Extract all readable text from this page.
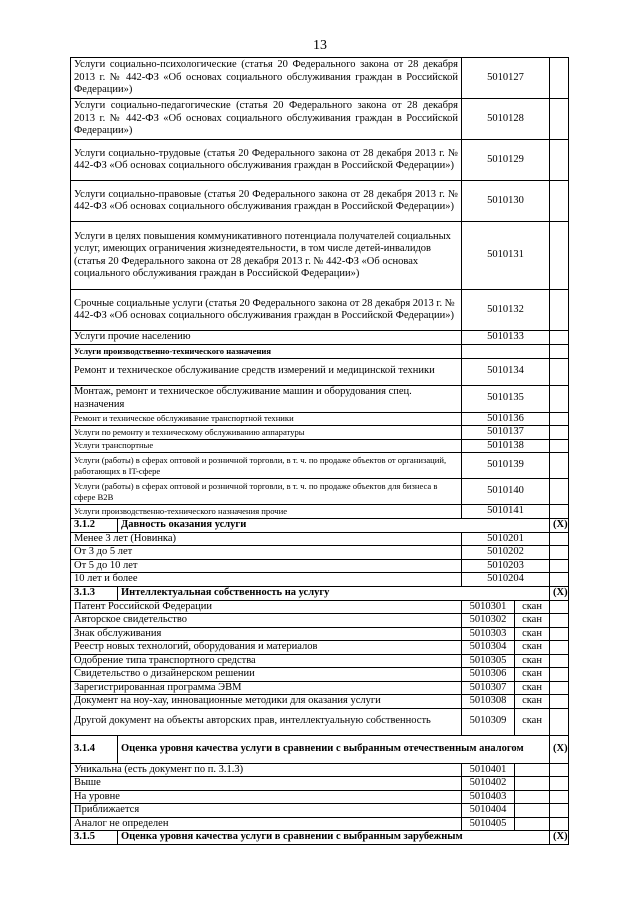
13
Услуги социально-психологические (статья 20 Федерального закона от 28 декабря 2013 г. № 442-ФЗ «Об основах социального обслуживания граждан в Российской Федерации»)		5010127		
Услуги социально-педагогические (статья 20 Федерального закона от 28 декабря 2013 г. № 442-ФЗ «Об основах социального обслуживания граждан в Российской Федерации»)		5010128		
Услуги социально-трудовые (статья 20 Федерального закона от 28 декабря 2013 г. № 442-ФЗ «Об основах социального обслуживания граждан в Российской Федерации»)		5010129		
Услуги социально-правовые (статья 20 Федерального закона от 28 декабря 2013 г. № 442-ФЗ «Об основах социального обслуживания граждан в Российской Федерации»)		5010130		
Услуги в целях повышения коммуникативного потенциала получателей социальных услуг, имеющих ограничения жизнедеятельности, в том числе детей-инвалидов (статья 20 Федерального закона от 28 декабря 2013 г. № 442-ФЗ «Об основах социального обслуживания граждан в Российской Федерации»)		5010131		
Срочные социальные услуги (статья 20 Федерального закона от 28 декабря 2013 г. № 442-ФЗ «Об основах социального обслуживания граждан в Российской Федерации»)		5010132		
Услуги прочие населению		5010133		
Услуги производственно-технического назначения				
Ремонт и техническое обслуживание средств измерений и медицинской техники		5010134		
Монтаж, ремонт и техническое обслуживание машин и оборудования спец. назначения		5010135		
Ремонт и техническое обслуживание транспортной техники		5010136		
Услуги по ремонту и техническому обслуживанию аппаратуры		5010137		
Услуги транспортные		5010138		
Услуги (работы) в сферах оптовой и розничной торговли, в т. ч. по продаже объектов от организаций, работающих в IT-сфере		5010139		
Услуги (работы) в сферах оптовой и розничной торговли, в т. ч. по продаже объектов для бизнеса в сфере B2B		5010140		
Услуги производственно-технического назначения прочие		5010141		
3.1.2	Давность оказания услуги			(Х)
Менее 3 лет (Новинка)		5010201		
От 3 до 5 лет		5010202		
От 5 до 10 лет		5010203		
10 лет и более		5010204		
3.1.3	Интеллектуальная собственность на услугу			(Х)
Патент Российской Федерации		5010301	скан	
Авторское свидетельство		5010302	скан	
Знак обслуживания		5010303	скан	
Реестр новых технологий, оборудования и материалов		5010304	скан	
Одобрение типа транспортного средства		5010305	скан	
Свидетельство о дизайнерском решении		5010306	скан	
Зарегистрированная программа ЭВМ		5010307	скан	
Документ на ноу-хау, инновационные методики для оказания услуги		5010308	скан	
Другой документ на объекты авторских прав, интеллектуальную собственность		5010309	скан	
3.1.4	Оценка уровня качества услуги в сравнении с выбранным отечественным аналогом			(Х)
Уникальна (есть документ по п. 3.1.3)		5010401		
Выше		5010402		
На уровне		5010403		
Приближается		5010404		
Аналог не определен		5010405		
3.1.5	Оценка уровня качества услуги в сравнении с выбранным зарубежным			(Х)
